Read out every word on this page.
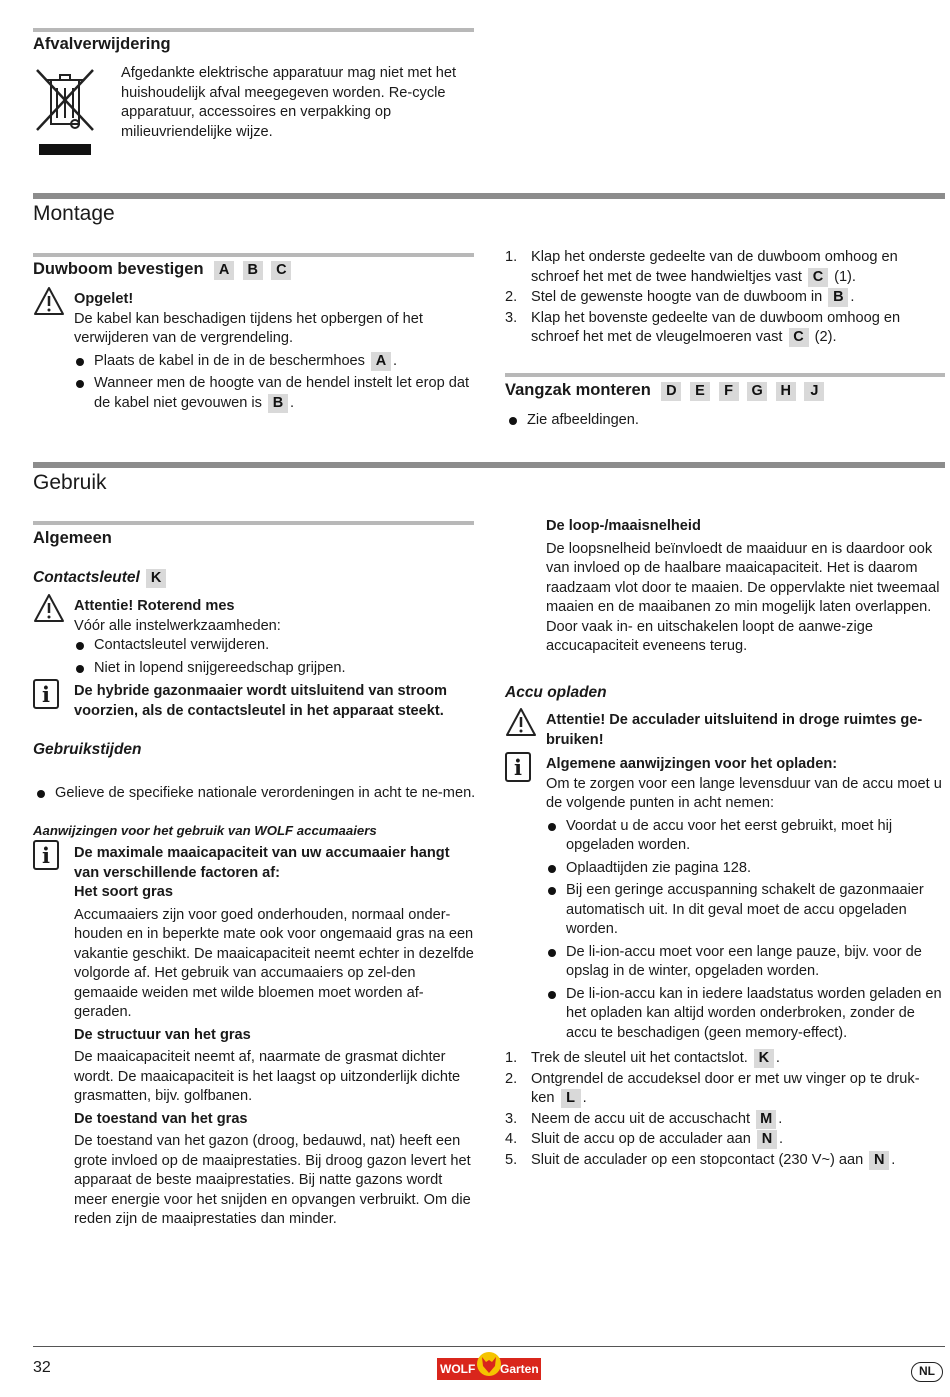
Afvalverwijdering
Afgedankte elektrische apparatuur mag niet met het huishoudelijk afval meegegeven worden. Re-cycle apparatuur, accessoires en verpakking op milieuvriendelijke wijze.
Montage
Duwboom bevestigen A B C
Opgelet!
De kabel kan beschadigen tijdens het opbergen of het verwijderen van de vergrendeling.
Plaats de kabel in de in de beschermhoes A .
Wanneer men de hoogte van de hendel instelt let erop dat de kabel niet gevouwen is B .
1. Klap het onderste gedeelte van de duwboom omhoog en schroef het met de twee handwieltjes vast C (1).
2. Stel de gewenste hoogte van de duwboom in B .
3. Klap het bovenste gedeelte van de duwboom omhoog en schroef het met de vleugelmoeren vast C (2).
Vangzak monteren D E F G H J
Zie afbeeldingen.
Gebruik
Algemeen
Contactsleutel K
Attentie! Roterend mes
Vóór alle instelwerkzaamheden:
Contactsleutel verwijderen.
Niet in lopend snijgereedschap grijpen.
i	De hybride gazonmaaier wordt uitsluitend van stroom voorzien, als de contactsleutel in het apparaat steekt.
Gebruikstijden
Gelieve de specifieke nationale verordeningen in acht te ne-men.
Aanwijzingen voor het gebruik van WOLF accumaaiers
i	De maximale maaicapaciteit van uw accumaaier hangt van verschillende factoren af:
Het soort gras
Accumaaiers zijn voor goed onderhouden, normaal onder-houden en in beperkte mate ook voor ongemaaid gras na een vakantie geschikt. De maaicapaciteit neemt echter in dezelfde volgorde af. Het gebruik van accumaaiers op zel-den gemaaide weiden met wilde bloemen moet worden af-geraden.
De structuur van het gras
De maaicapaciteit neemt af, naarmate de grasmat dichter wordt. De maaicapaciteit is het laagst op uitzonderlijk dichte grasmatten, bijv. golfbanen.
De toestand van het gras
De toestand van het gazon (droog, bedauwd, nat) heeft een grote invloed op de maaiprestaties. Bij droog gazon levert het apparaat de beste maaiprestaties. Bij natte gazons wordt meer energie voor het snijden en opvangen verbruikt. Om die reden zijn de maaiprestaties dan minder.
De loop-/maaisnelheid
De loopsnelheid beïnvloedt de maaiduur en is daardoor ook van invloed op de haalbare maaicapaciteit. Het is daarom raadzaam vlot door te maaien. De oppervlakte niet tweemaal maaien en de maaibanen zo min mogelijk laten overlappen. Door vaak in- en uitschakelen loopt de aanwe-zige accucapaciteit eveneens terug.
Accu opladen
Attentie! De acculader uitsluitend in droge ruimtes ge-bruiken!
i	Algemene aanwijzingen voor het opladen:
Om te zorgen voor een lange levensduur van de accu moet u de volgende punten in acht nemen:
Voordat u de accu voor het eerst gebruikt, moet hij opgeladen worden.
Oplaadtijden zie pagina 128.
Bij een geringe accuspanning schakelt de gazonmaaier automatisch uit. In dit geval moet de accu opgeladen worden.
De li-ion-accu moet voor een lange pauze, bijv. voor de opslag in de winter, opgeladen worden.
De li-ion-accu kan in iedere laadstatus worden geladen en het opladen kan altijd worden onderbroken, zonder de accu te beschadigen (geen memory-effect).
1. Trek de sleutel uit het contactslot. K .
2. Ontgrendel de accudeksel door er met uw vinger op te druk-ken L .
3. Neem de accu uit de accuschacht M .
4. Sluit de accu op de acculader aan N .
5. Sluit de acculader op een stopcontact (230 V~) aan N .
32	WOLF Garten	NL
